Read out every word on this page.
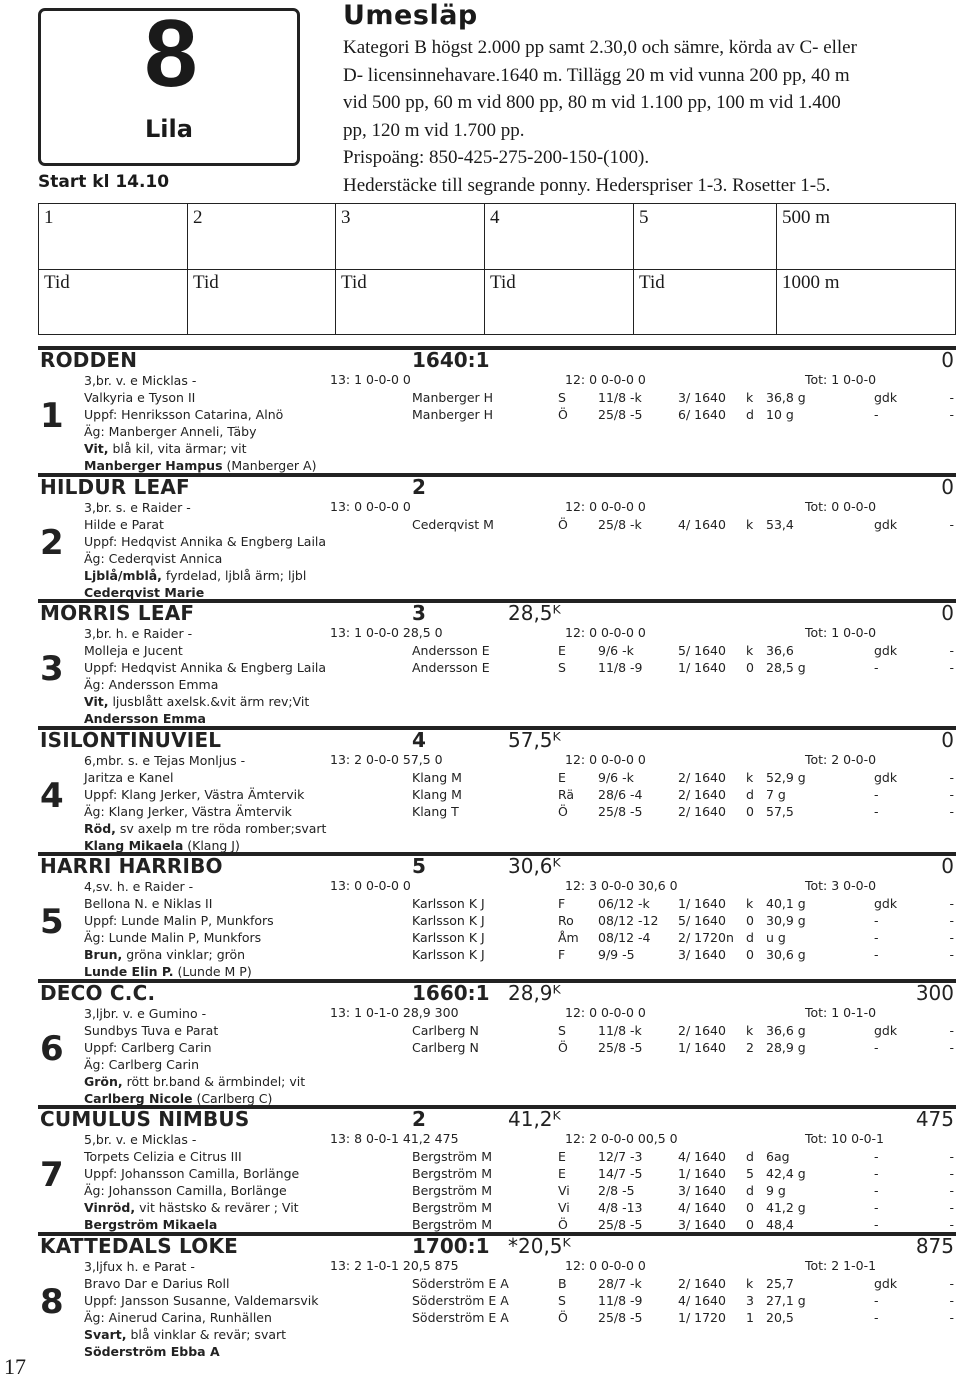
8
Lila
Start kl 14.10
Umesläp

Kategori B högst 2.000 pp samt 2.30,0 och sämre, körda av C- eller

D- licensinnehavare.1640 m. Tillägg 20 m vid vunna 200 pp, 40 m

vid 500 pp, 60 m vid 800 pp, 80 m vid 1.100 pp, 100 m vid 1.400

pp, 120 m vid 1.700 pp.

Prispoäng: 850-425-275-200-150-(100).

Hederstäcke till segrande ponny. Hederspriser 1-3. Rosetter 1-5.

1	2	3	4	5	500 m
Tid	Tid	Tid	Tid	Tid	1000 m
RODDEN	1640:1	0
1
3,br. v. e Micklas -
Valkyria e Tyson II
Uppf: Henriksson Catarina, Alnö
Äg: Manberger Anneli, Täby
Vit, blå kil, vita ärmar; vit
Manberger Hampus (Manberger A)
13: 1 0-0-0 0	12: 0 0-0-0 0	Tot: 1 0-0-0
Manberger H	S	11/8 -k	3/ 1640 k 36,8 g	gdk	-
Manberger H	Ö 25/8 -5	6/ 1640 d 10 g	-	-
HILDUR LEAF	2	0
2
3,br. s. e Raider -
Hilde e Parat
Uppf: Hedqvist Annika & Engberg Laila
Äg: Cederqvist Annica
Ljblå/mblå, fyrdelad, ljblå ärm; ljbl
Cederqvist Marie
13: 0 0-0-0 0	12: 0 0-0-0 0	Tot: 0 0-0-0
Cederqvist M	Ö 25/8 -k	4/ 1640 k 53,4	gdk	-
MORRIS LEAF	3	28,5ᴷ	0
3
3,br. h. e Raider -
Molleja e Jucent
Uppf: Hedqvist Annika & Engberg Laila
Äg: Andersson Emma
Vit, ljusblått axelsk.&vit ärm rev;Vit
Andersson Emma
13: 1 0-0-0 28,5 0	12: 0 0-0-0 0	Tot: 1 0-0-0
Andersson E	E	9/6 -k	5/ 1640 k 36,6	gdk	-
Andersson E	S	11/8 -9	1/ 1640 0 28,5 g	-	-
ISILONTINUVIEL	4	57,5ᴷ	0
4
6,mbr. s. e Tejas Monljus -
Jaritza e Kanel
Uppf: Klang Jerker, Västra Ämtervik
Äg: Klang Jerker, Västra Ämtervik
Röd, sv axelp m tre röda romber;svart
Klang Mikaela (Klang J)
13: 2 0-0-0 57,5 0	12: 0 0-0-0 0	Tot: 2 0-0-0
Klang M	E	9/6 -k	2/ 1640 k 52,9 g	gdk	-
Klang M	Rä 28/6 -4	2/ 1640 d 7 g	-	-
Klang T	Ö 25/8 -5	2/ 1640 0 57,5	-	-
HARRI HARRIBO	5	30,6ᴷ	0
5
4,sv. h. e Raider -
Bellona N. e Niklas II
Uppf: Lunde Malin P, Munkfors
Äg: Lunde Malin P, Munkfors
Brun, gröna vinklar; grön
Lunde Elin P. (Lunde M P)
13: 0 0-0-0 0	12: 3 0-0-0 30,6 0	Tot: 3 0-0-0
Karlsson K J	F	06/12 -k 1/ 1640 k 40,1 g	gdk	-
Karlsson K J	Ro 08/12 -12 5/ 1640 0 30,9 g	-	-
Karlsson K J	Åm 08/12 -4 2/ 1720n d u g	-	-
Karlsson K J	F	9/9 -5	3/ 1640 0 30,6 g	-	-
DECO C.C.	1660:1 28,9ᴷ	300
6
3,ljbr. v. e Gumino -
Sundbys Tuva e Parat
Uppf: Carlberg Carin
Äg: Carlberg Carin
Grön, rött br.band & ärmbindel; vit
Carlberg Nicole (Carlberg C)
13: 1 0-1-0 28,9 300	12: 0 0-0-0 0	Tot: 1 0-1-0
Carlberg N	S	11/8 -k	2/ 1640 k 36,6 g	gdk	-
Carlberg N	Ö 25/8 -5	1/ 1640 2 28,9 g	-	-
CUMULUS NIMBUS	2	41,2ᴷ	475
7
5,br. v. e Micklas -
Torpets Celizia e Citrus III
Uppf: Johansson Camilla, Borlänge
Äg: Johansson Camilla, Borlänge
Vinröd, vit hästsko & revärer ; Vit
Bergström Mikaela
13: 8 0-0-1 41,2 475	12: 2 0-0-0 00,5 0	Tot: 10 0-0-1
Bergström M	E	12/7 -3	4/ 1640 d 6ag	-	-
Bergström M	E	14/7 -5	1/ 1640 5 42,4 g	-	-
Bergström M	Vi 2/8 -5	3/ 1640 d 9 g	-	-
Bergström M	Vi 4/8 -13	4/ 1640 0 41,2 g	-	-
Bergström M	Ö 25/8 -5	3/ 1640 0 48,4	-	-
KATTEDALS LOKE	1700:1 *20,5ᴷ	875
8
3,ljfux h. e Parat -
Bravo Dar e Darius Roll
Uppf: Jansson Susanne, Valdemarsvik
Äg: Ainerud Carina, Runhällen
Svart, blå vinklar & revär; svart
Söderström Ebba A
13: 2 1-0-1 20,5 875	12: 0 0-0-0 0	Tot: 2 1-0-1
Söderström E A	B	28/7 -k	2/ 1640 k 25,7	gdk	-
Söderström E A	S	11/8 -9	4/ 1640 3 27,1 g	-	-
Söderström E A	Ö 25/8 -5	1/ 1720 1 20,5	-	-
17
